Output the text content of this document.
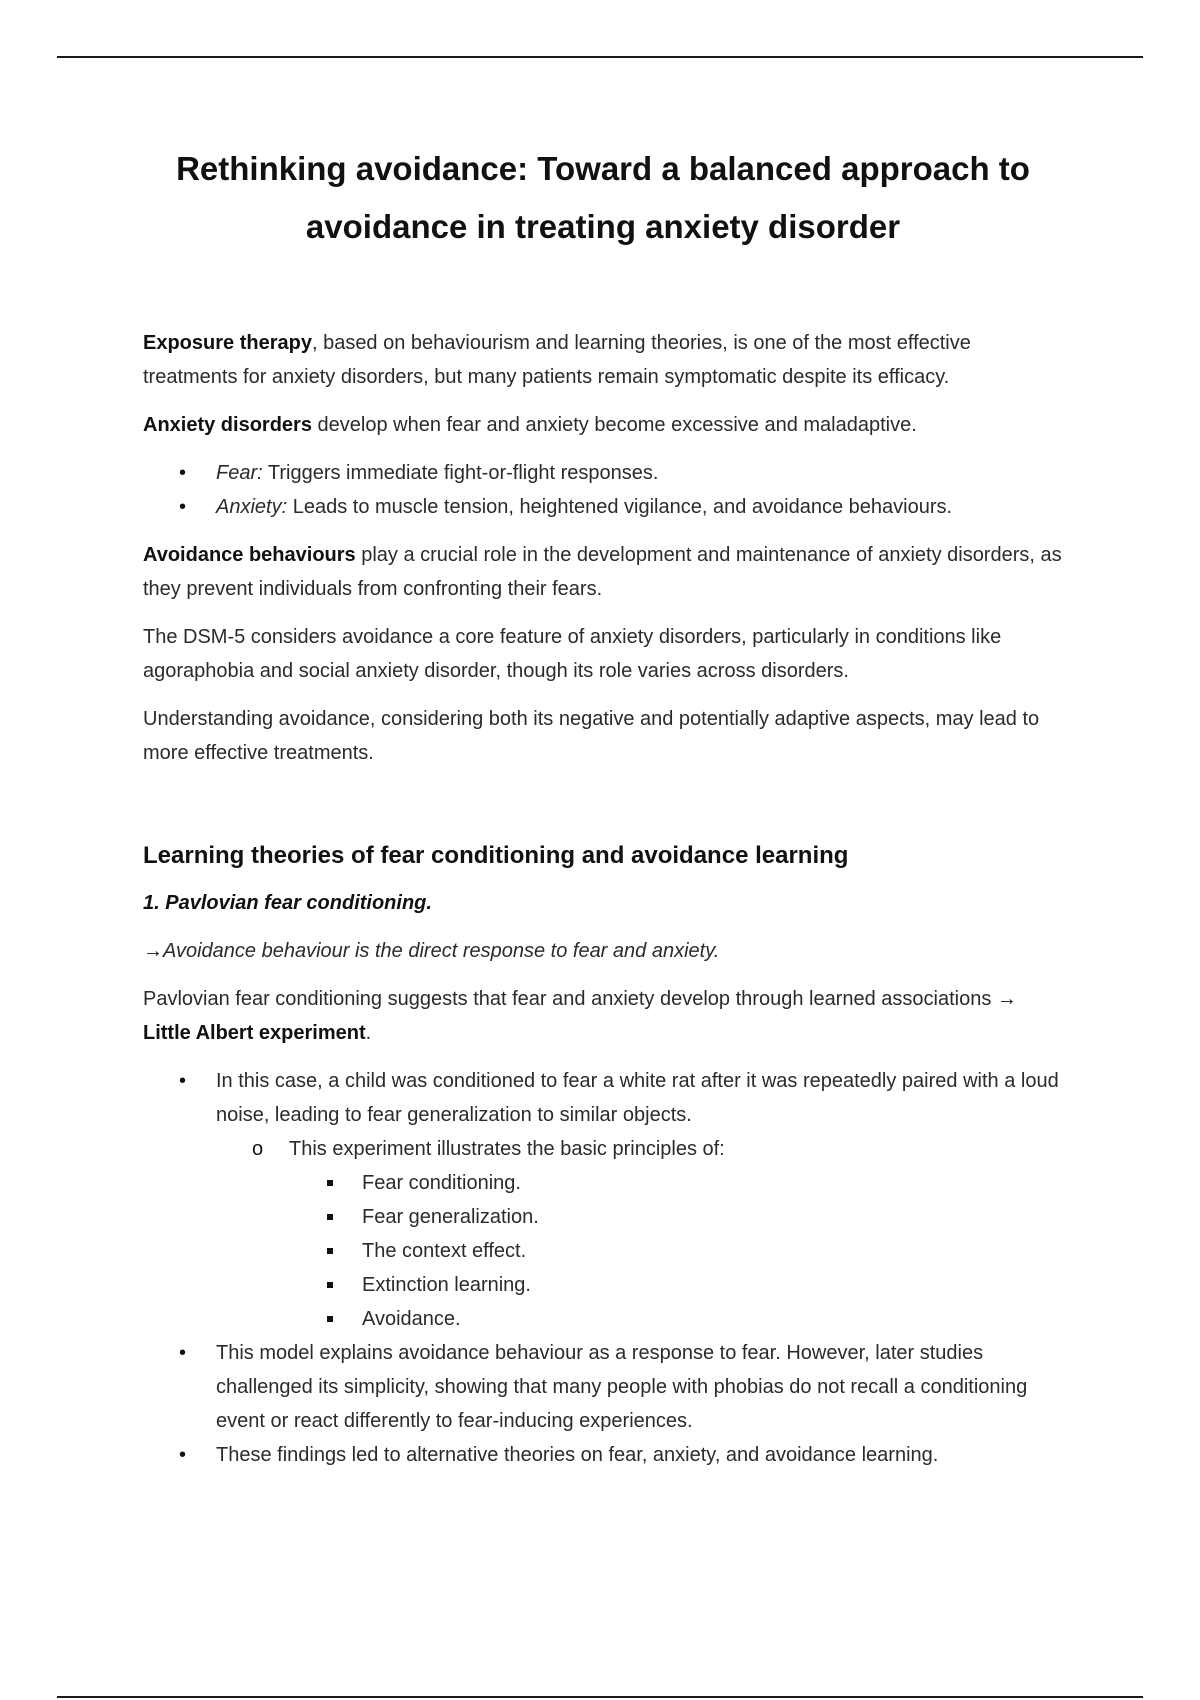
Rethinking avoidance: Toward a balanced approach to
avoidance in treating anxiety disorder

Exposure therapy, based on behaviourism and learning theories, is one of the most effective treatments for anxiety disorders, but many patients remain symptomatic despite its efficacy.

Anxiety disorders develop when fear and anxiety become excessive and maladaptive.

• Fear: Triggers immediate fight-or-flight responses.
• Anxiety: Leads to muscle tension, heightened vigilance, and avoidance behaviours.

Avoidance behaviours play a crucial role in the development and maintenance of anxiety disorders, as they prevent individuals from confronting their fears.

The DSM-5 considers avoidance a core feature of anxiety disorders, particularly in conditions like agoraphobia and social anxiety disorder, though its role varies across disorders.

Understanding avoidance, considering both its negative and potentially adaptive aspects, may lead to more effective treatments.

Learning theories of fear conditioning and avoidance learning

1. Pavlovian fear conditioning.

→Avoidance behaviour is the direct response to fear and anxiety.

Pavlovian fear conditioning suggests that fear and anxiety develop through learned associations → Little Albert experiment.

• In this case, a child was conditioned to fear a white rat after it was repeatedly paired with a loud noise, leading to fear generalization to similar objects.
o This experiment illustrates the basic principles of:
Fear conditioning.
Fear generalization.
The context effect.
Extinction learning.
Avoidance.
• This model explains avoidance behaviour as a response to fear. However, later studies challenged its simplicity, showing that many people with phobias do not recall a conditioning event or react differently to fear-inducing experiences.
• These findings led to alternative theories on fear, anxiety, and avoidance learning.
